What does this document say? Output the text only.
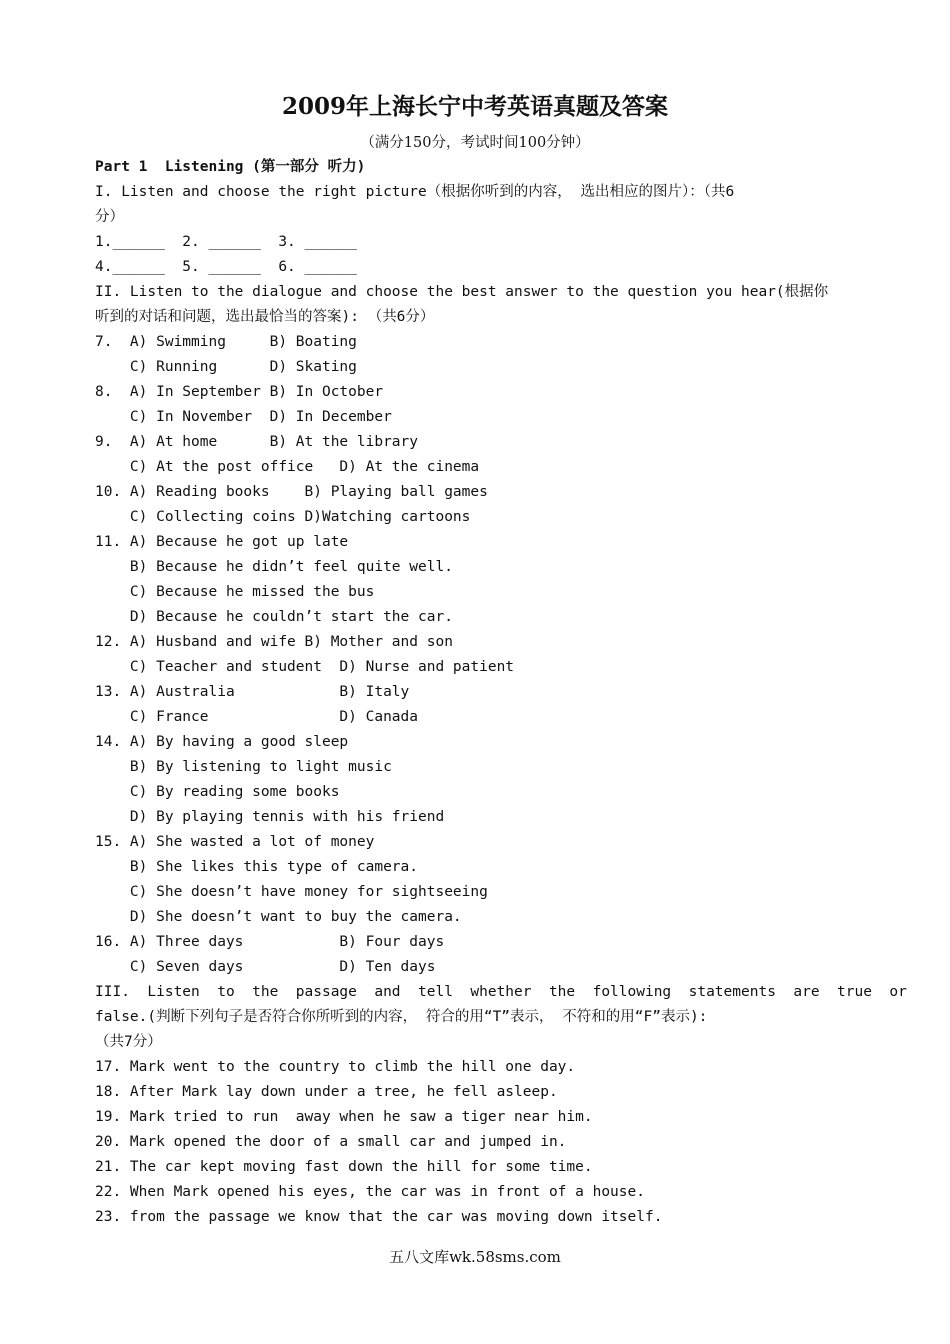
2009年上海长宁中考英语真题及答案
（满分150分，考试时间100分钟）
Part 1  Listening (第一部分 听力)
I. Listen and choose the right picture（根据你听到的内容， 选出相应的图片）：（共6
分）
1.______  2. ______  3. ______
4.______  5. ______  6. ______
II. Listen to the dialogue and choose the best answer to the question you hear(根据你
听到的对话和问题，选出最恰当的答案): （共6分）
7.  A) Swimming     B) Boating
C) Running      D) Skating
8.  A) In September B) In October
C) In November  D) In December
9.  A) At home      B) At the library
C) At the post office   D) At the cinema
10. A) Reading books    B) Playing ball games
C) Collecting coins D)Watching cartoons
11. A) Because he got up late
B) Because he didn’t feel quite well.
C) Because he missed the bus
D) Because he couldn’t start the car.
12. A) Husband and wife B) Mother and son
C) Teacher and student  D) Nurse and patient
13. A) Australia            B) Italy
C) France               D) Canada
14. A) By having a good sleep
B) By listening to light music
C) By reading some books
D) By playing tennis with his friend
15. A) She wasted a lot of money
B) She likes this type of camera.
C) She doesn’t have money for sightseeing
D) She doesn’t want to buy the camera.
16. A) Three days           B) Four days
C) Seven days           D) Ten days
III.  Listen  to  the  passage  and  tell  whether  the  following  statements  are  true  or
false.(判断下列句子是否符合你所听到的内容， 符合的用“T”表示， 不符和的用“F”表示):
（共7分）
17. Mark went to the country to climb the hill one day.
18. After Mark lay down under a tree, he fell asleep.
19. Mark tried to run  away when he saw a tiger near him.
20. Mark opened the door of a small car and jumped in.
21. The car kept moving fast down the hill for some time.
22. When Mark opened his eyes, the car was in front of a house.
23. from the passage we know that the car was moving down itself.
五八文库wk.58sms.com
